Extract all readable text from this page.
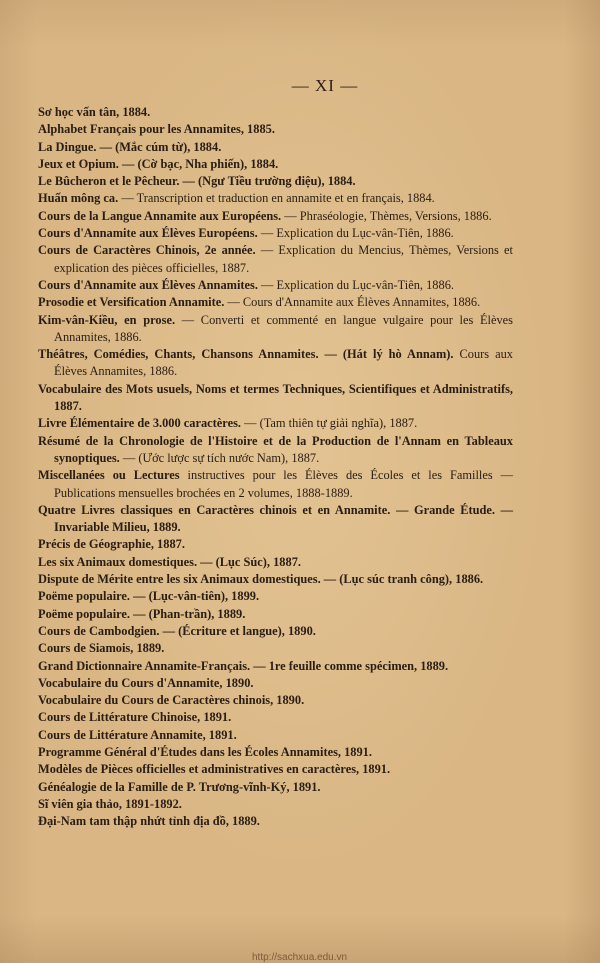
— XI —
Sơ học vấn tân, 1884.
Alphabet Français pour les Annamites, 1885.
La Dingue. — (Mắc cúm từ), 1884.
Jeux et Opium. — (Cờ bạc, Nha phiến), 1884.
Le Bûcheron et le Pêcheur. — (Ngư Tiều trường điệu), 1884.
Huấn mông ca. — Transcription et traduction en annamite et en français, 1884.
Cours de la Langue Annamite aux Européens. — Phraséologie, Thèmes, Versions, 1886.
Cours d'Annamite aux Élèves Européens. — Explication du Lục-vân-Tiên, 1886.
Cours de Caractères Chinois, 2e année. — Explication du Mencius, Thèmes, Versions et explication des pièces officielles, 1887.
Cours d'Annamite aux Élèves Annamites. — Explication du Lục-vân-Tiên, 1886.
Prosodie et Versification Annamite. — Cours d'Annamite aux Élèves Annamites, 1886.
Kim-vân-Kiều, en prose. — Converti et commenté en langue vulgaire pour les Élèves Annamites, 1886.
Théâtres, Comédies, Chants, Chansons Annamites. — (Hát lý hò Annam). Cours aux Élèves Annamites, 1886.
Vocabulaire des Mots usuels, Noms et termes Techniques, Scientifiques et Administratifs, 1887.
Livre Élémentaire de 3.000 caractères. — (Tam thiên tự giải nghĩa), 1887.
Résumé de la Chronologie de l'Histoire et de la Production de l'Annam en Tableaux synoptiques. — (Ước lược sự tích nước Nam), 1887.
Miscellanées ou Lectures instructives pour les Élèves des Écoles et les Familles — Publications mensuelles brochées en 2 volumes, 1888-1889.
Quatre Livres classiques en Caractères chinois et en Annamite. — Grande Étude. — Invariable Milieu, 1889.
Précis de Géographie, 1887.
Les six Animaux domestiques. — (Lục Súc), 1887.
Dispute de Mérite entre les six Animaux domestiques. — (Lục súc tranh công), 1886.
Poëme populaire. — (Lục-vân-tiên), 1899.
Poëme populaire. — (Phan-trần), 1889.
Cours de Cambodgien. — (Écriture et langue), 1890.
Cours de Siamois, 1889.
Grand Dictionnaire Annamite-Français. — 1re feuille comme spécimen, 1889.
Vocabulaire du Cours d'Annamite, 1890.
Vocabulaire du Cours de Caractères chinois, 1890.
Cours de Littérature Chinoise, 1891.
Cours de Littérature Annamite, 1891.
Programme Général d'Études dans les Écoles Annamites, 1891.
Modèles de Pièces officielles et administratives en caractères, 1891.
Généalogie de la Famille de P. Trương-vĩnh-Ký, 1891.
Sĩ viên gia thảo, 1891-1892.
Đại-Nam tam thập nhứt tỉnh địa đồ, 1889.
http://sachxua.edu.vn
